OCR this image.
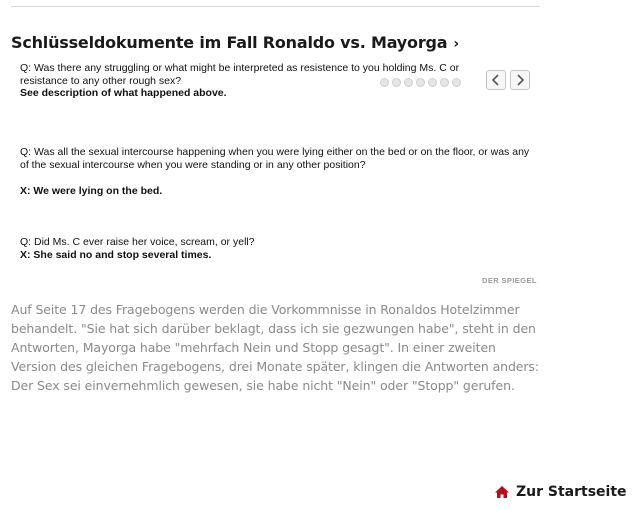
Schlüsseldokumente im Fall Ronaldo vs. Mayorga ›

Q: Was there any struggling or what might be interpreted as resistence to you holding Ms. C or resistance to any other rough sex?

See description of what happened above.

Q: Was all the sexual intercourse happening when you were lying either on the bed or on the floor, or was any of the sexual intercourse when you were standing or in any other position?

X: We were lying on the bed.

Q: Did Ms. C ever raise her voice, scream, or yell?

X: She said no and stop several times.

DER SPIEGEL

Auf Seite 17 des Fragebogens werden die Vorkommnisse in Ronaldos Hotelzimmer behandelt. "Sie hat sich darüber beklagt, dass ich sie gezwungen habe", steht in den Antworten, Mayorga habe "mehrfach Nein und Stopp gesagt". In einer zweiten Version des gleichen Fragebogens, drei Monate später, klingen die Antworten anders: Der Sex sei einvernehmlich gewesen, sie habe nicht "Nein" oder "Stopp" gerufen.

Zur Startseite
